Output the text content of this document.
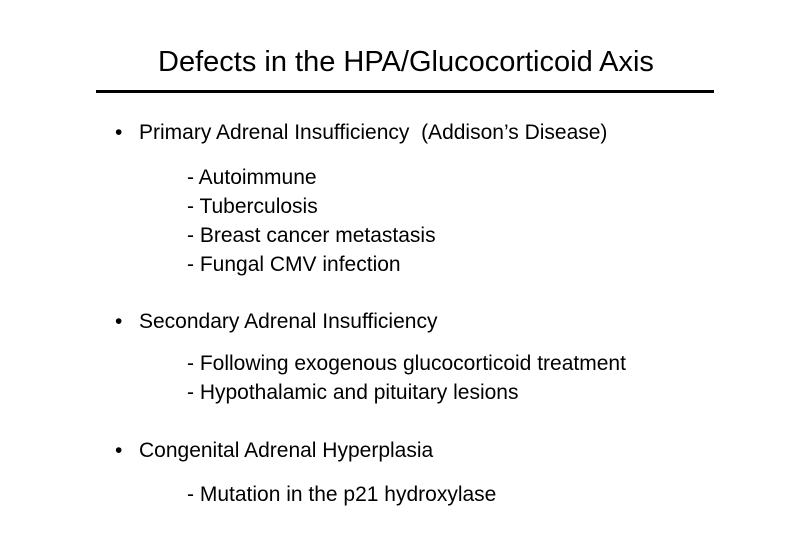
Defects in the HPA/Glucocorticoid Axis
• Primary Adrenal Insufficiency  (Addison’s Disease)
- Autoimmune
- Tuberculosis
- Breast cancer metastasis
- Fungal CMV infection
• Secondary Adrenal Insufficiency
- Following exogenous glucocorticoid treatment
- Hypothalamic and pituitary lesions
• Congenital Adrenal Hyperplasia
- Mutation in the p21 hydroxylase
